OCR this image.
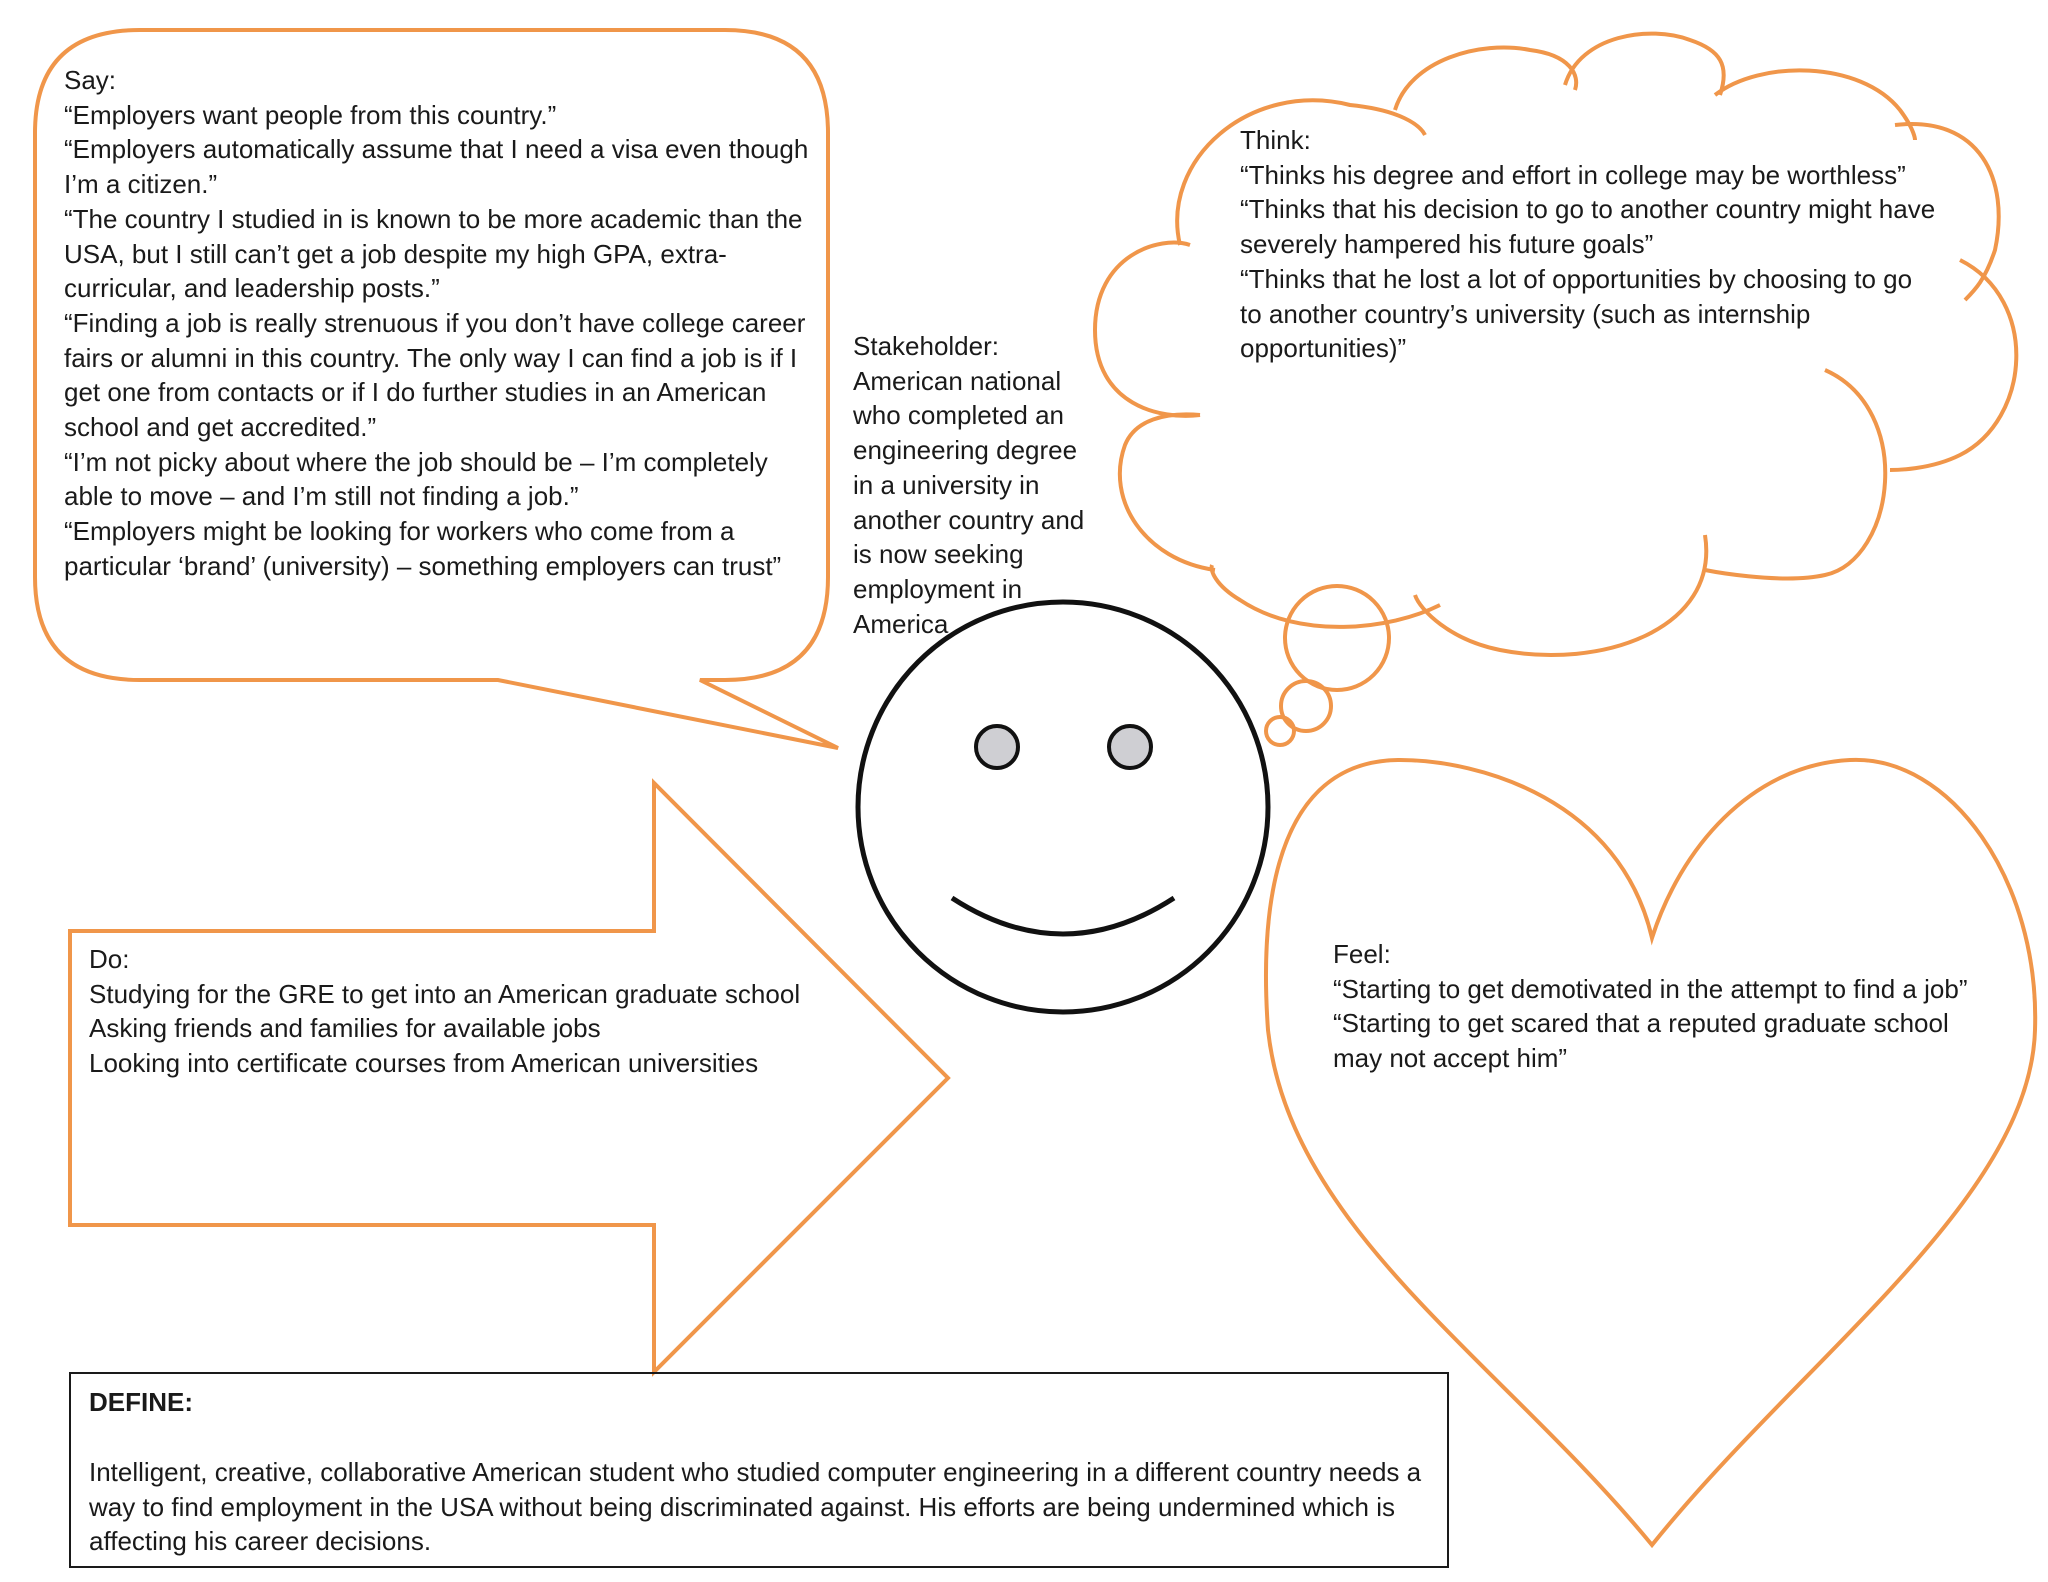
Say:
“Employers want people from this country.”
“Employers automatically assume that I need a visa even though I’m a citizen.”
“The country I studied in is known to be more academic than the USA, but I still can’t get a job despite my high GPA, extra-curricular, and leadership posts.”
“Finding a job is really strenuous if you don’t have college career fairs or alumni in this country. The only way I can find a job is if I get one from contacts or if I do further studies in an American school and get accredited.”
“I’m not picky about where the job should be – I’m completely able to move – and I’m still not finding a job.”
“Employers might be looking for workers who come from a particular ‘brand’ (university) – something employers can trust”
Stakeholder:
American national who completed an engineering degree in a university in another country and is now seeking employment in America
Think:
“Thinks his degree and effort in college may be worthless”
“Thinks that his decision to go to another country might have severely hampered his future goals”
“Thinks that he lost a lot of opportunities by choosing to go to another country’s university (such as internship opportunities)”
Do:
Studying for the GRE to get into an American graduate school
Asking friends and families for available jobs
Looking into certificate courses from American universities
Feel:
“Starting to get demotivated in the attempt to find a job”
“Starting to get scared that a reputed graduate school may not accept him”
DEFINE:
Intelligent, creative, collaborative American student who studied computer engineering in a different country needs a way to find employment in the USA without being discriminated against. His efforts are being undermined which is affecting his career decisions.
